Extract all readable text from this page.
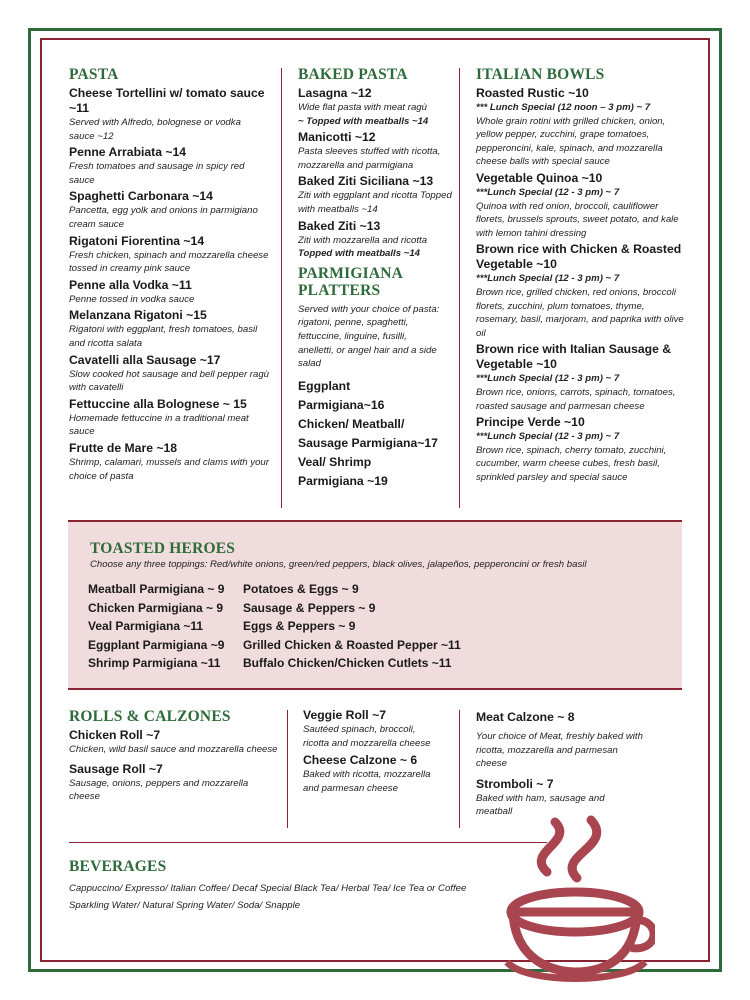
PASTA
Cheese Tortellini w/ tomato sauce ~11
Served with Alfredo, bolognese or vodka sauce ~12
Penne Arrabiata ~14
Fresh tomatoes and sausage in spicy red sauce
Spaghetti Carbonara ~14
Pancetta, egg yolk and onions in parmigiano cream sauce
Rigatoni Fiorentina ~14
Fresh chicken, spinach and mozzarella cheese tossed in creamy pink sauce
Penne alla Vodka ~11
Penne tossed in vodka sauce
Melanzana Rigatoni ~15
Rigatoni with eggplant, fresh tomatoes, basil and ricotta salata
Cavatelli alla Sausage ~17
Slow cooked hot sausage and bell pepper ragù with cavatelli
Fettuccine alla Bolognese ~ 15
Homemade fettuccine in a traditional meat sauce
Frutte de Mare ~18
Shrimp, calamari, mussels and clams with your choice of pasta
BAKED PASTA
Lasagna ~12
Wide flat pasta with meat ragù
~ Topped with meatballs ~14
Manicotti ~12
Pasta sleeves stuffed with ricotta, mozzarella and parmigiana
Baked Ziti Siciliana ~13
Ziti with eggplant and ricotta Topped with meatballs ~14
Baked Ziti ~13
Ziti with mozzarella and ricotta
Topped with meatballs ~14
PARMIGIANA PLATTERS
Served with your choice of pasta: rigatoni, penne, spaghetti, fettuccine, linguine, fusilli, anelletti, or angel hair and a side salad
Eggplant Parmigiana~16
Chicken/ Meatball/ Sausage Parmigiana~17
Veal/ Shrimp Parmigiana ~19
ITALIAN BOWLS
Roasted Rustic ~10
*** Lunch Special (12 noon – 3 pm) ~ 7
Whole grain rotini with grilled chicken, onion, yellow pepper, zucchini, grape tomatoes, pepperoncini, kale, spinach, and mozzarella cheese balls with special sauce
Vegetable Quinoa ~10
***Lunch Special (12 - 3 pm) ~ 7
Quinoa with red onion, broccoli, cauliflower florets, brussels sprouts, sweet potato, and kale with lemon tahini dressing
Brown rice with Chicken & Roasted Vegetable ~10
***Lunch Special (12 - 3 pm) ~ 7
Brown rice, grilled chicken, red onions, broccoli florets, zucchini, plum tomatoes, thyme, rosemary, basil, marjoram, and paprika with olive oil
Brown rice with Italian Sausage & Vegetable ~10
***Lunch Special (12 - 3 pm) ~ 7
Brown rice, onions, carrots, spinach, tomatoes, roasted sausage and parmesan cheese
Principe Verde ~10
***Lunch Special (12 - 3 pm) ~ 7
Brown rice, spinach, cherry tomato, zucchini, cucumber, warm cheese cubes, fresh basil, sprinkled parsley and special sauce
TOASTED HEROES
Choose any three toppings: Red/white onions, green/red peppers, black olives, jalapeños, pepperoncini or fresh basil
Meatball Parmigiana ~ 9
Chicken Parmigiana ~ 9
Veal Parmigiana ~11
Eggplant Parmigiana ~9
Shrimp Parmigiana ~11
Potatoes & Eggs ~ 9
Sausage & Peppers ~ 9
Eggs & Peppers ~ 9
Grilled Chicken & Roasted Pepper ~11
Buffalo Chicken/Chicken Cutlets ~11
ROLLS & CALZONES
Chicken Roll ~7
Chicken, wild basil sauce and mozzarella cheese
Sausage Roll ~7
Sausage, onions, peppers and mozzarella cheese
Veggie Roll ~7
Sautéed spinach, broccoli, ricotta and mozzarella cheese
Cheese Calzone ~ 6
Baked with ricotta, mozzarella and parmesan cheese
Meat Calzone ~ 8
Your choice of Meat, freshly baked with ricotta, mozzarella and parmesan cheese
Stromboli ~ 7
Baked with ham, sausage and meatball
BEVERAGES
Cappuccino/ Expresso/ Italian Coffee/ Decaf Special Black Tea/ Herbal Tea/ Ice Tea or Coffee
Sparkling Water/ Natural Spring Water/ Soda/ Snapple
